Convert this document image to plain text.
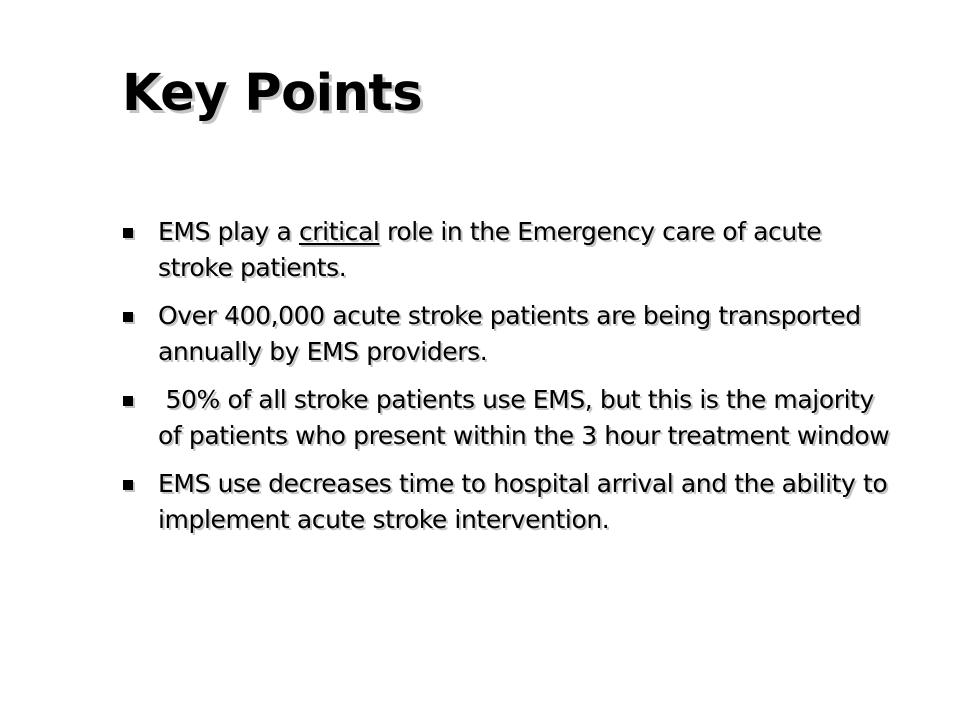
Key Points
EMS play a critical role in the Emergency care of acute stroke patients.
Over 400,000 acute stroke patients are being transported annually by EMS providers.
50% of all stroke patients use EMS, but this is the majority of patients who present within the 3 hour treatment window
EMS use decreases time to hospital arrival and the ability to implement acute stroke intervention.
